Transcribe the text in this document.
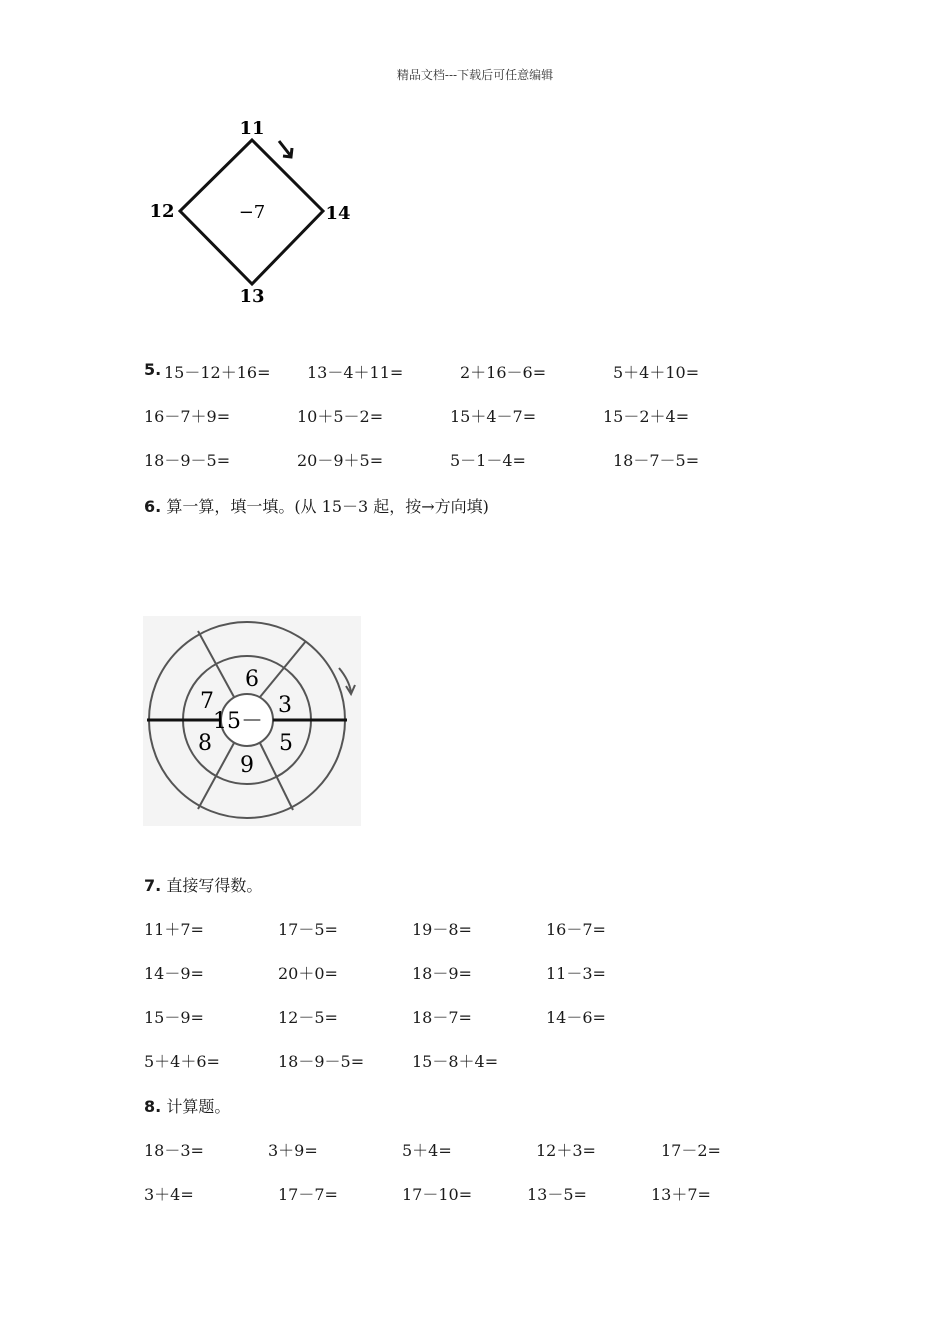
精品文档---下载后可任意编辑
11
12	14
13
−7
5. 15－12＋16= 13－4＋11=	2＋16－6=	5＋4＋10=
16－7＋9=	10＋5－2=	15＋4－7=	15－2＋4=
18－9－5=	20－9＋5=	5－1－4=	18－7－5=
6. 算一算，填一填。(从 15－3 起，按→方向填)
15－
6
3
5
9
8
7
7. 直接写得数。
11＋7=	17－5=	19－8=	16－7=
14－9=	20＋0=	18－9=	11－3=
15－9=	12－5=	18－7=	14－6=
5＋4＋6=	18－9－5=	15－8＋4=
8. 计算题。
18－3=	3＋9=	5＋4=	12＋3=	17－2=
3＋4=	17－7=	17－10=	13－5=	13＋7=
